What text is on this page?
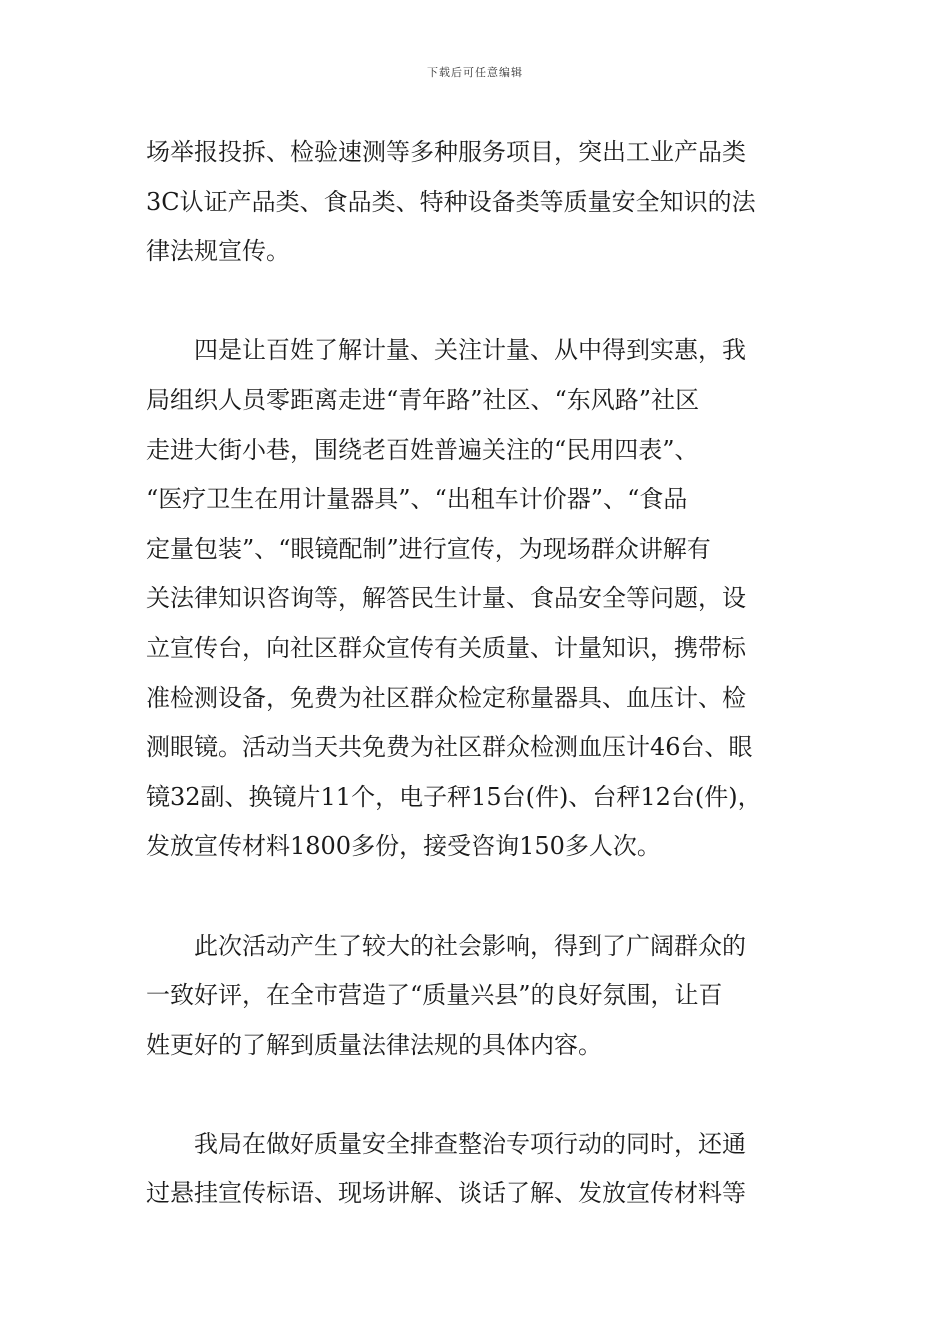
下载后可任意编辑
场举报投拆、检验速测等多种服务项目，突出工业产品类
3C认证产品类、食品类、特种设备类等质量安全知识的法
律法规宣传。
四是让百姓了解计量、关注计量、从中得到实惠，我
局组织人员零距离走进“青年路”社区、“东风路”社区
走进大街小巷，围绕老百姓普遍关注的“民用四表”、
“医疗卫生在用计量器具”、“出租车计价器”、“食品
定量包装”、“眼镜配制”进行宣传，为现场群众讲解有
关法律知识咨询等，解答民生计量、食品安全等问题，设
立宣传台，向社区群众宣传有关质量、计量知识，携带标
准检测设备，免费为社区群众检定称量器具、血压计、检
测眼镜。活动当天共免费为社区群众检测血压计46台、眼
镜32副、换镜片11个，电子秤15台(件)、台秤12台(件)，
发放宣传材料1800多份，接受咨询150多人次。
此次活动产生了较大的社会影响，得到了广阔群众的
一致好评，在全市营造了“质量兴县”的良好氛围，让百
姓更好的了解到质量法律法规的具体内容。
我局在做好质量安全排查整治专项行动的同时，还通
过悬挂宣传标语、现场讲解、谈话了解、发放宣传材料等
